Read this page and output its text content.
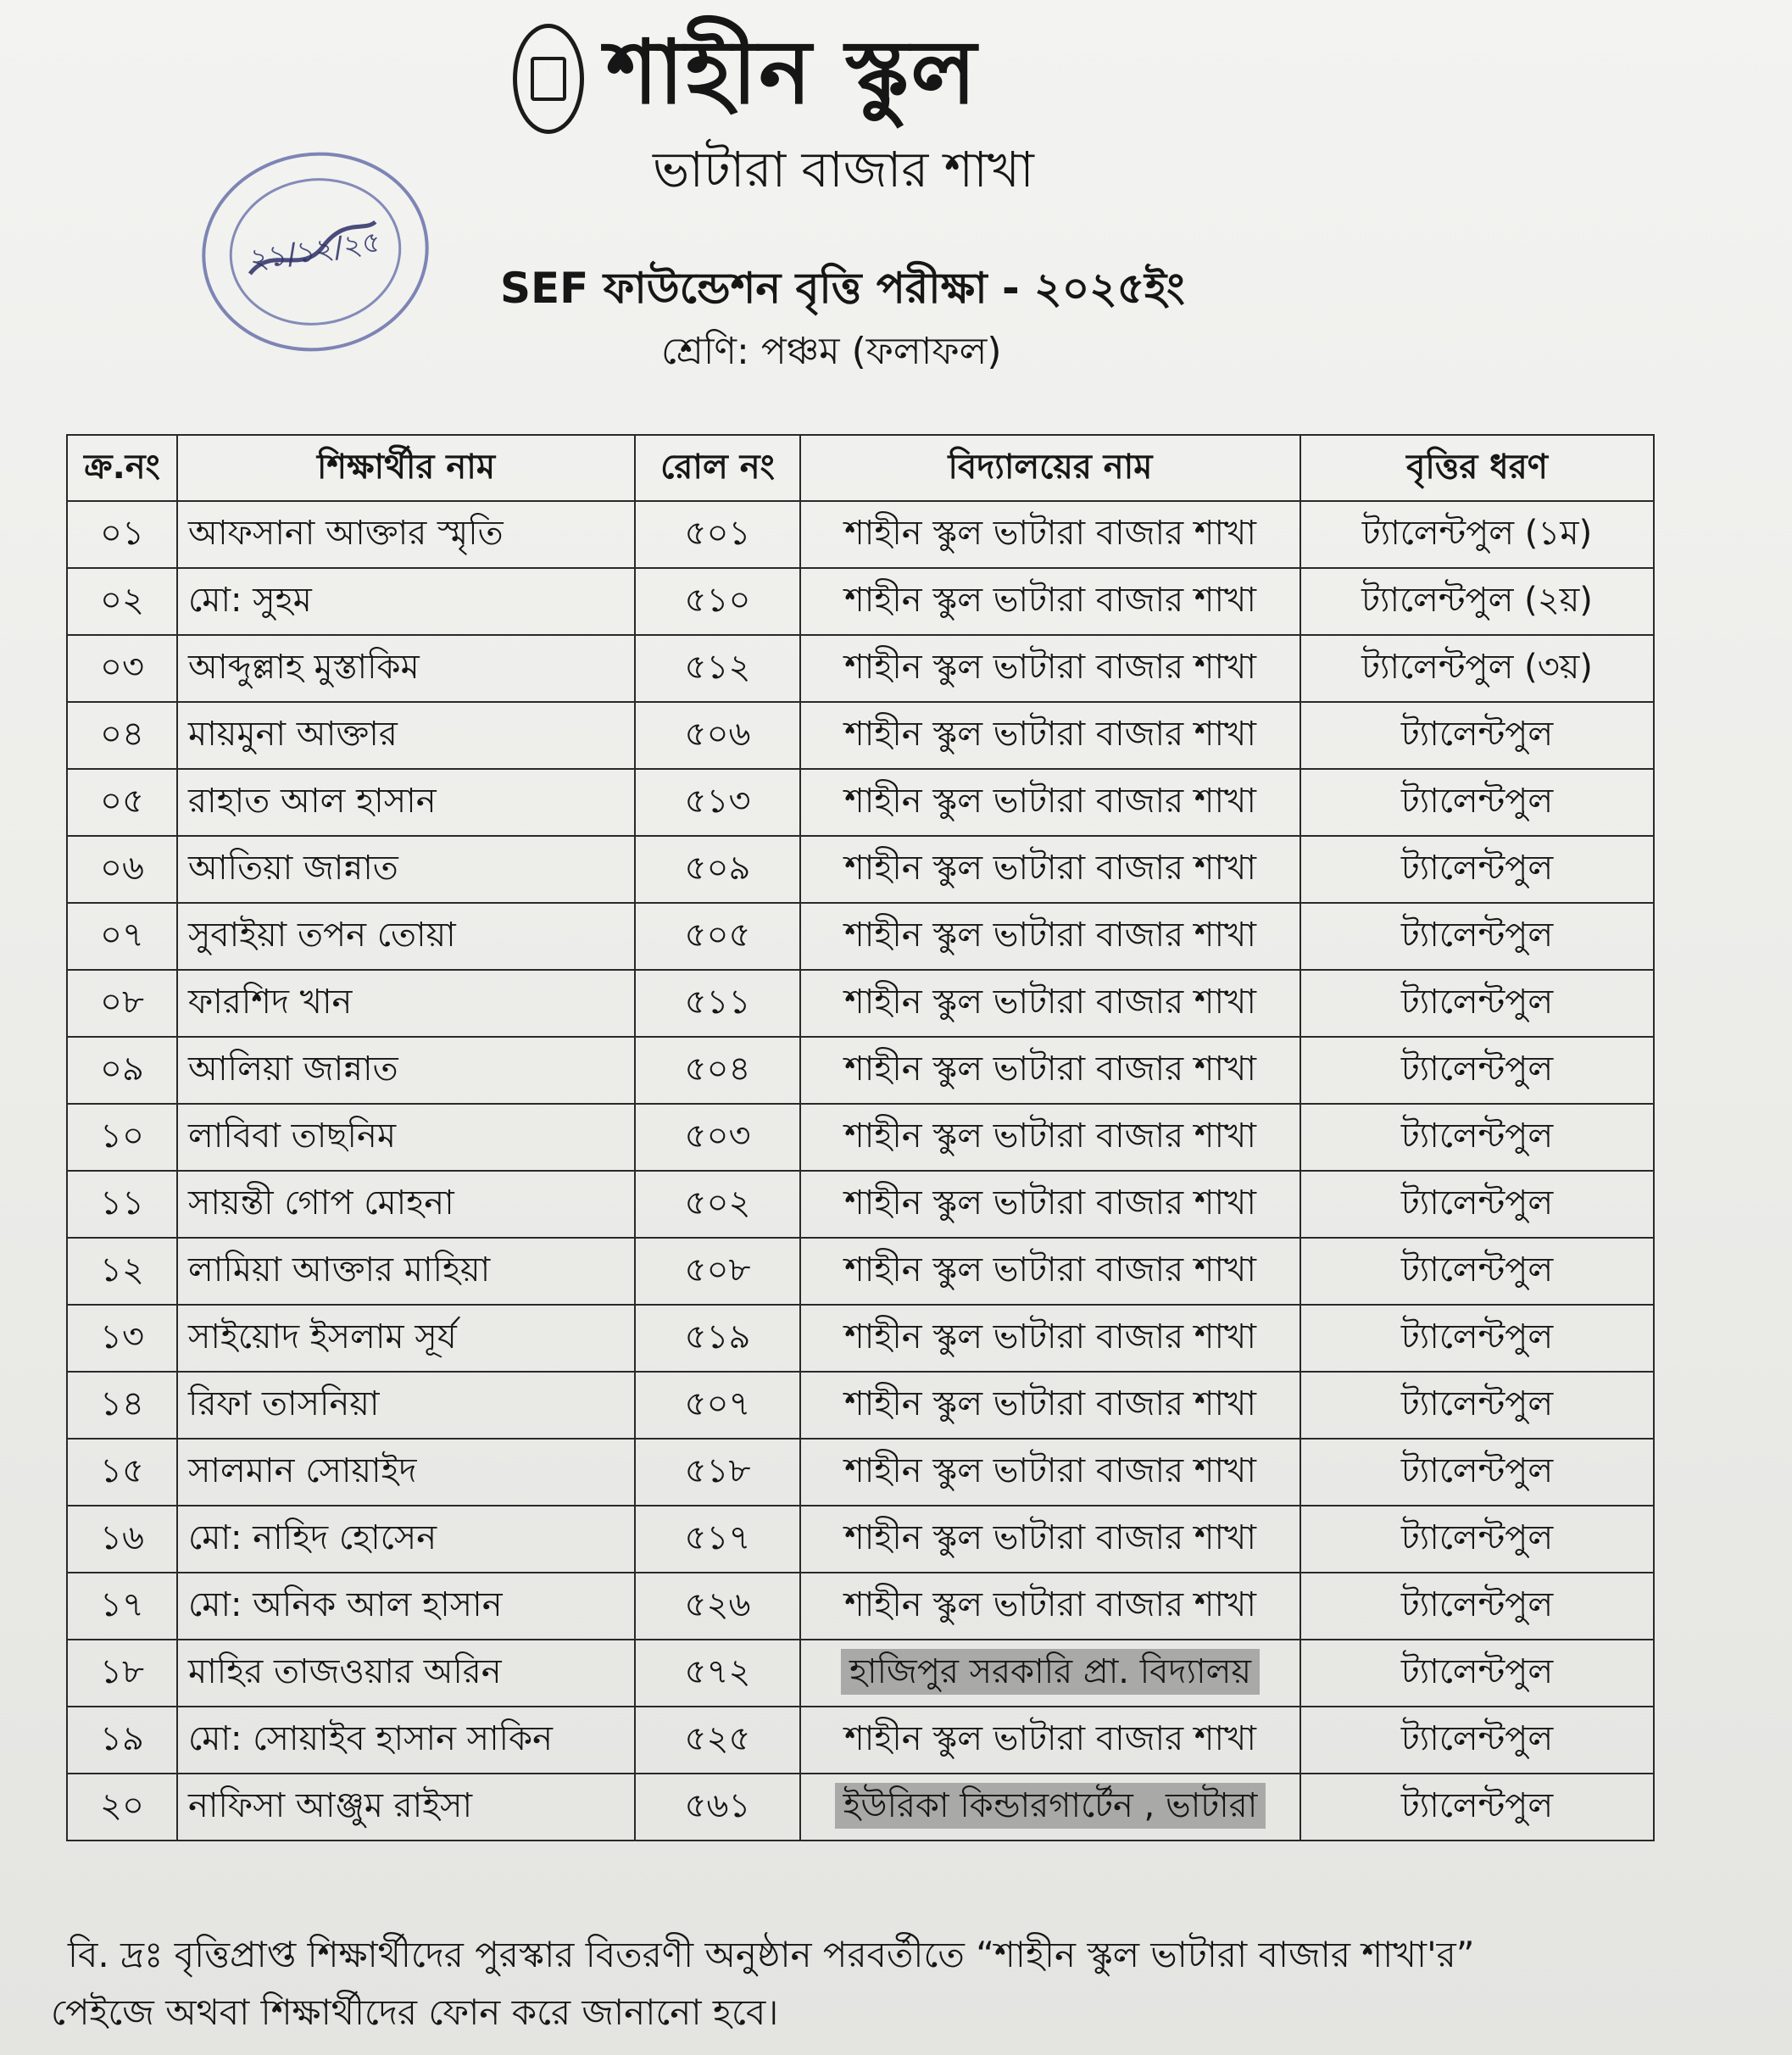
শাহীন স্কুল
ভাটারা বাজার শাখা
SEF ফাউন্ডেশন বৃত্তি পরীক্ষা - ২০২৫ইং
শ্রেণি: পঞ্চম (ফলাফল)
২১/১২/২৫
ক্র.নং	শিক্ষার্থীর নাম	রোল নং	বিদ্যালয়ের নাম	বৃত্তির ধরণ
০১	আফসানা আক্তার স্মৃতি	৫০১	শাহীন স্কুল ভাটারা বাজার শাখা	ট্যালেন্টপুল (১ম)
০২	মো: সুহম	৫১০	শাহীন স্কুল ভাটারা বাজার শাখা	ট্যালেন্টপুল (২য়)
০৩	আব্দুল্লাহ মুস্তাকিম	৫১২	শাহীন স্কুল ভাটারা বাজার শাখা	ট্যালেন্টপুল (৩য়)
০৪	মায়মুনা আক্তার	৫০৬	শাহীন স্কুল ভাটারা বাজার শাখা	ট্যালেন্টপুল
০৫	রাহাত আল হাসান	৫১৩	শাহীন স্কুল ভাটারা বাজার শাখা	ট্যালেন্টপুল
০৬	আতিয়া জান্নাত	৫০৯	শাহীন স্কুল ভাটারা বাজার শাখা	ট্যালেন্টপুল
০৭	সুবাইয়া তপন তোয়া	৫০৫	শাহীন স্কুল ভাটারা বাজার শাখা	ট্যালেন্টপুল
০৮	ফারশিদ খান	৫১১	শাহীন স্কুল ভাটারা বাজার শাখা	ট্যালেন্টপুল
০৯	আলিয়া জান্নাত	৫০৪	শাহীন স্কুল ভাটারা বাজার শাখা	ট্যালেন্টপুল
১০	লাবিবা তাছনিম	৫০৩	শাহীন স্কুল ভাটারা বাজার শাখা	ট্যালেন্টপুল
১১	সায়ন্তী গোপ মোহনা	৫০২	শাহীন স্কুল ভাটারা বাজার শাখা	ট্যালেন্টপুল
১২	লামিয়া আক্তার মাহিয়া	৫০৮	শাহীন স্কুল ভাটারা বাজার শাখা	ট্যালেন্টপুল
১৩	সাইয়োদ ইসলাম সূর্য	৫১৯	শাহীন স্কুল ভাটারা বাজার শাখা	ট্যালেন্টপুল
১৪	রিফা তাসনিয়া	৫০৭	শাহীন স্কুল ভাটারা বাজার শাখা	ট্যালেন্টপুল
১৫	সালমান সোয়াইদ	৫১৮	শাহীন স্কুল ভাটারা বাজার শাখা	ট্যালেন্টপুল
১৬	মো: নাহিদ হোসেন	৫১৭	শাহীন স্কুল ভাটারা বাজার শাখা	ট্যালেন্টপুল
১৭	মো: অনিক আল হাসান	৫২৬	শাহীন স্কুল ভাটারা বাজার শাখা	ট্যালেন্টপুল
১৮	মাহির তাজওয়ার অরিন	৫৭২	হাজিপুর সরকারি প্রা. বিদ্যালয়	ট্যালেন্টপুল
১৯	মো: সোয়াইব হাসান সাকিন	৫২৫	শাহীন স্কুল ভাটারা বাজার শাখা	ট্যালেন্টপুল
২০	নাফিসা আঞ্জুম রাইসা	৫৬১	ইউরিকা কিন্ডারগার্টেন , ভাটারা	ট্যালেন্টপুল
বি. দ্রঃ বৃত্তিপ্রাপ্ত শিক্ষার্থীদের পুরস্কার বিতরণী অনুষ্ঠান পরবর্তীতে “শাহীন স্কুল ভাটারা বাজার শাখা'র”
পেইজে অথবা শিক্ষার্থীদের ফোন করে জানানো হবে।
